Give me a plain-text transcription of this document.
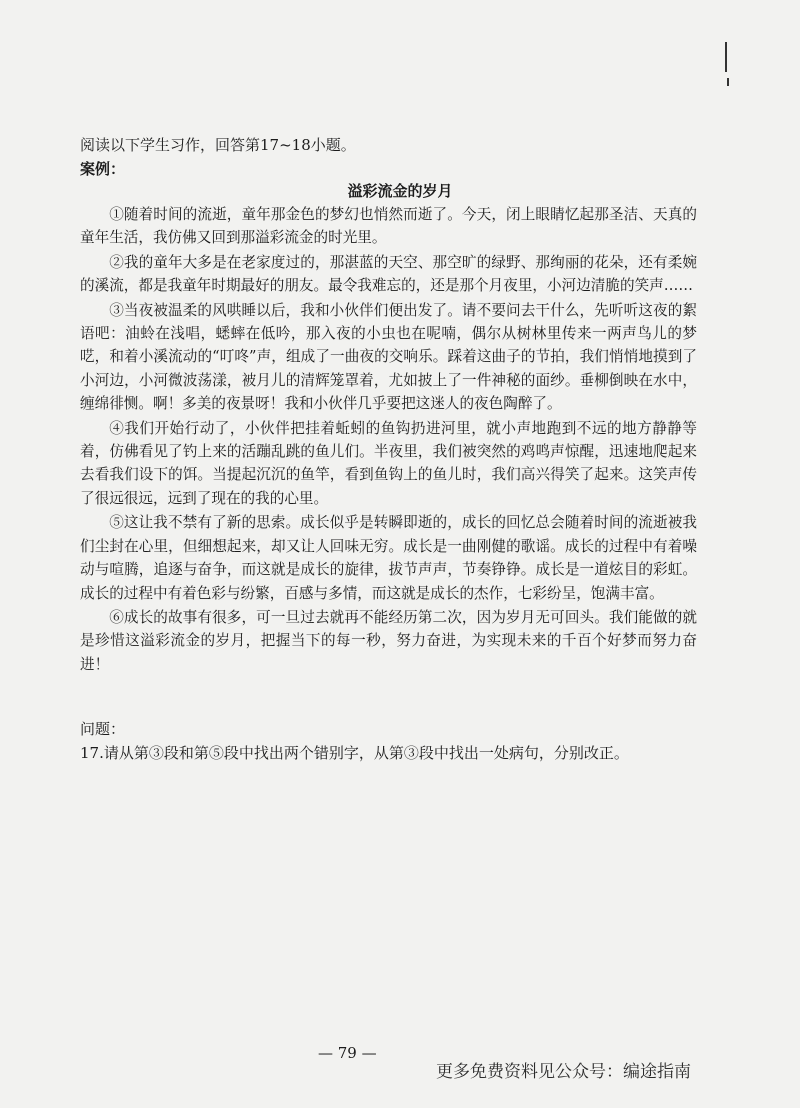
阅读以下学生习作，回答第17~18小题。
案例：
溢彩流金的岁月

①随着时间的流逝，童年那金色的梦幻也悄然而逝了。今天，闭上眼睛忆起那圣洁、天真的童年生活，我仿佛又回到那溢彩流金的时光里。

②我的童年大多是在老家度过的，那湛蓝的天空、那空旷的绿野、那绚丽的花朵，还有柔婉的溪流，都是我童年时期最好的朋友。最令我难忘的，还是那个月夜里，小河边清脆的笑声……

③当夜被温柔的风哄睡以后，我和小伙伴们便出发了。请不要问去干什么，先听听这夜的絮语吧：油蛉在浅唱，蟋蟀在低吟，那入夜的小虫也在呢喃，偶尔从树林里传来一两声鸟儿的梦呓，和着小溪流动的“叮咚”声，组成了一曲夜的交响乐。踩着这曲子的节拍，我们悄悄地摸到了小河边，小河微波荡漾，被月儿的清辉笼罩着，尤如披上了一件神秘的面纱。垂柳倒映在水中，缠绵徘恻。啊！多美的夜景呀！我和小伙伴几乎要把这迷人的夜色陶醉了。

④我们开始行动了，小伙伴把挂着蚯蚓的鱼钩扔进河里，就小声地跑到不远的地方静静等着，仿佛看见了钓上来的活蹦乱跳的鱼儿们。半夜里，我们被突然的鸡鸣声惊醒，迅速地爬起来去看我们设下的饵。当提起沉沉的鱼竿，看到鱼钩上的鱼儿时，我们高兴得笑了起来。这笑声传了很远很远，远到了现在的我的心里。

⑤这让我不禁有了新的思索。成长似乎是转瞬即逝的，成长的回忆总会随着时间的流逝被我们尘封在心里，但细想起来，却又让人回味无穷。成长是一曲刚健的歌谣。成长的过程中有着噪动与喧腾，追逐与奋争，而这就是成长的旋律，拔节声声，节奏铮铮。成长是一道炫目的彩虹。成长的过程中有着色彩与纷繁，百感与多情，而这就是成长的杰作，七彩纷呈，饱满丰富。

⑥成长的故事有很多，可一旦过去就再不能经历第二次，因为岁月无可回头。我们能做的就是珍惜这溢彩流金的岁月，把握当下的每一秒，努力奋进，为实现未来的千百个好梦而努力奋进！

问题：
17.请从第③段和第⑤段中找出两个错别字，从第③段中找出一处病句，分别改正。
— 79 —
更多免费资料见公众号：编途指南
